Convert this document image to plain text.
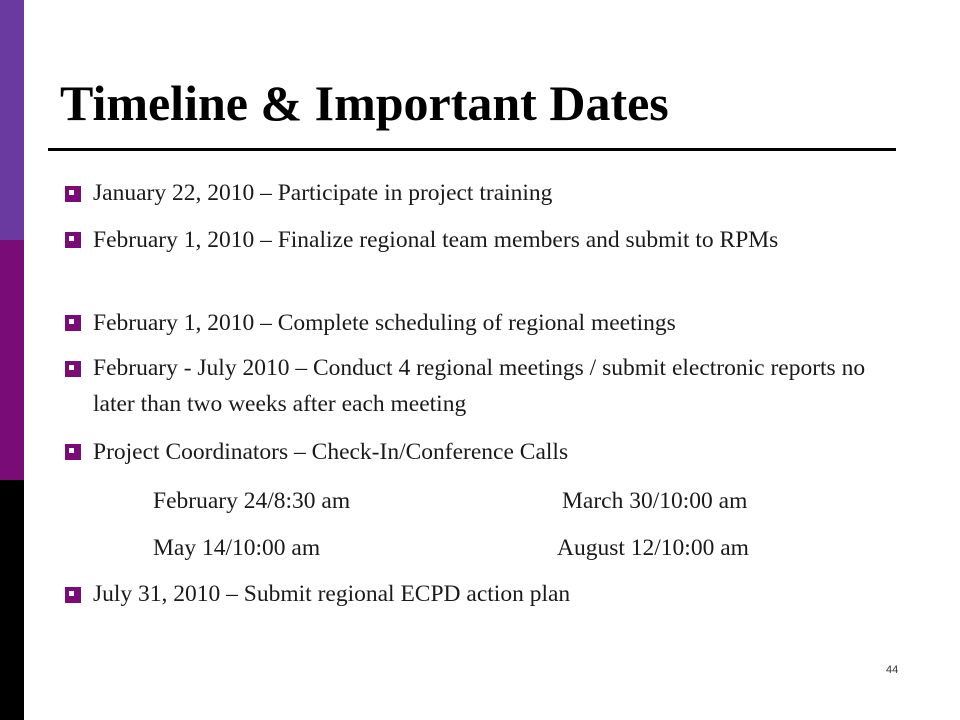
Timeline & Important Dates

January 22, 2010 – Participate in project training

February 1, 2010 – Finalize regional team members and submit to RPMs

February 1, 2010 – Complete scheduling of regional meetings

February - July 2010 – Conduct 4 regional meetings / submit electronic reports no later than two weeks after each meeting

Project Coordinators – Check-In/Conference Calls

February 24/8:30 am	March 30/10:00 am
May 14/10:00 am	August 12/10:00 am

July 31, 2010 – Submit regional ECPD action plan

44
